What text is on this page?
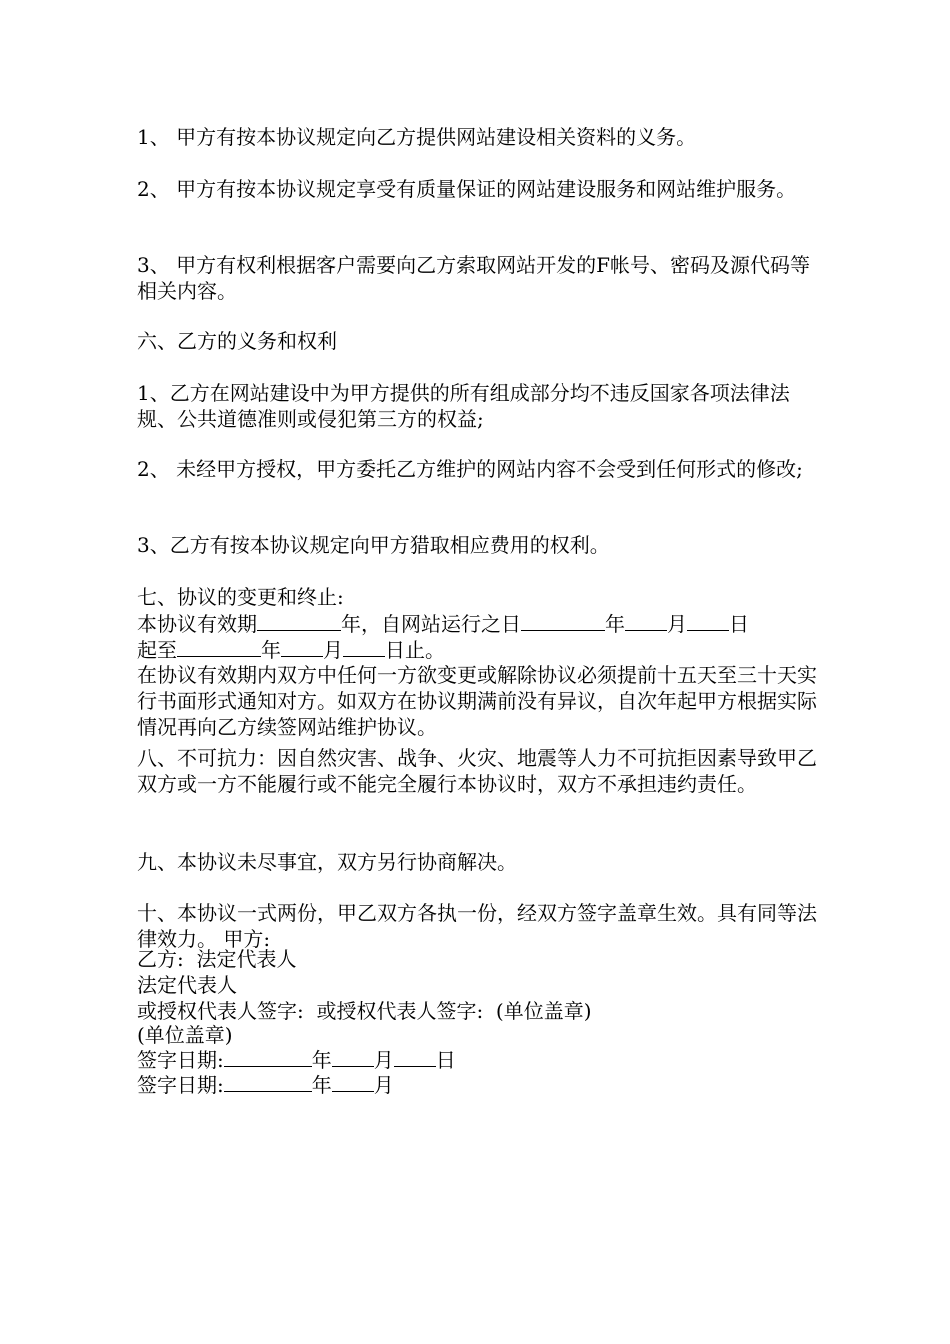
1、 甲方有按本协议规定向乙方提供网站建设相关资料的义务。

2、 甲方有按本协议规定享受有质量保证的网站建设服务和网站维护服务。

3、 甲方有权利根据客户需要向乙方索取网站开发的F帐号、密码及源代码等相关内容。

六、乙方的义务和权利

1、乙方在网站建设中为甲方提供的所有组成部分均不违反国家各项法律法规、公共道德准则或侵犯第三方的权益;

2、 未经甲方授权，甲方委托乙方维护的网站内容不会受到任何形式的修改;

3、乙方有按本协议规定向甲方猎取相应费用的权利。

七、协议的变更和终止:

本协议有效期	年，自网站运行之日	年 月 日

起至	年 月 日止。

在协议有效期内双方中任何一方欲变更或解除协议必须提前十五天至三十天实行书面形式通知对方。如双方在协议期满前没有异议，自次年起甲方根据实际情况再向乙方续签网站维护协议。

八、不可抗力：因自然灾害、战争、火灾、地震等人力不可抗拒因素导致甲乙双方或一方不能履行或不能完全履行本协议时，双方不承担违约责任。

九、本协议未尽事宜，双方另行协商解决。

十、本协议一式两份，甲乙双方各执一份，经双方签字盖章生效。具有同等法律效力。 甲方:

乙方:  法定代表人

法定代表人

或授权代表人签字:  或授权代表人签字:  (单位盖章)

(单位盖章)

签字日期:	年 月 日

签字日期:	年 月
